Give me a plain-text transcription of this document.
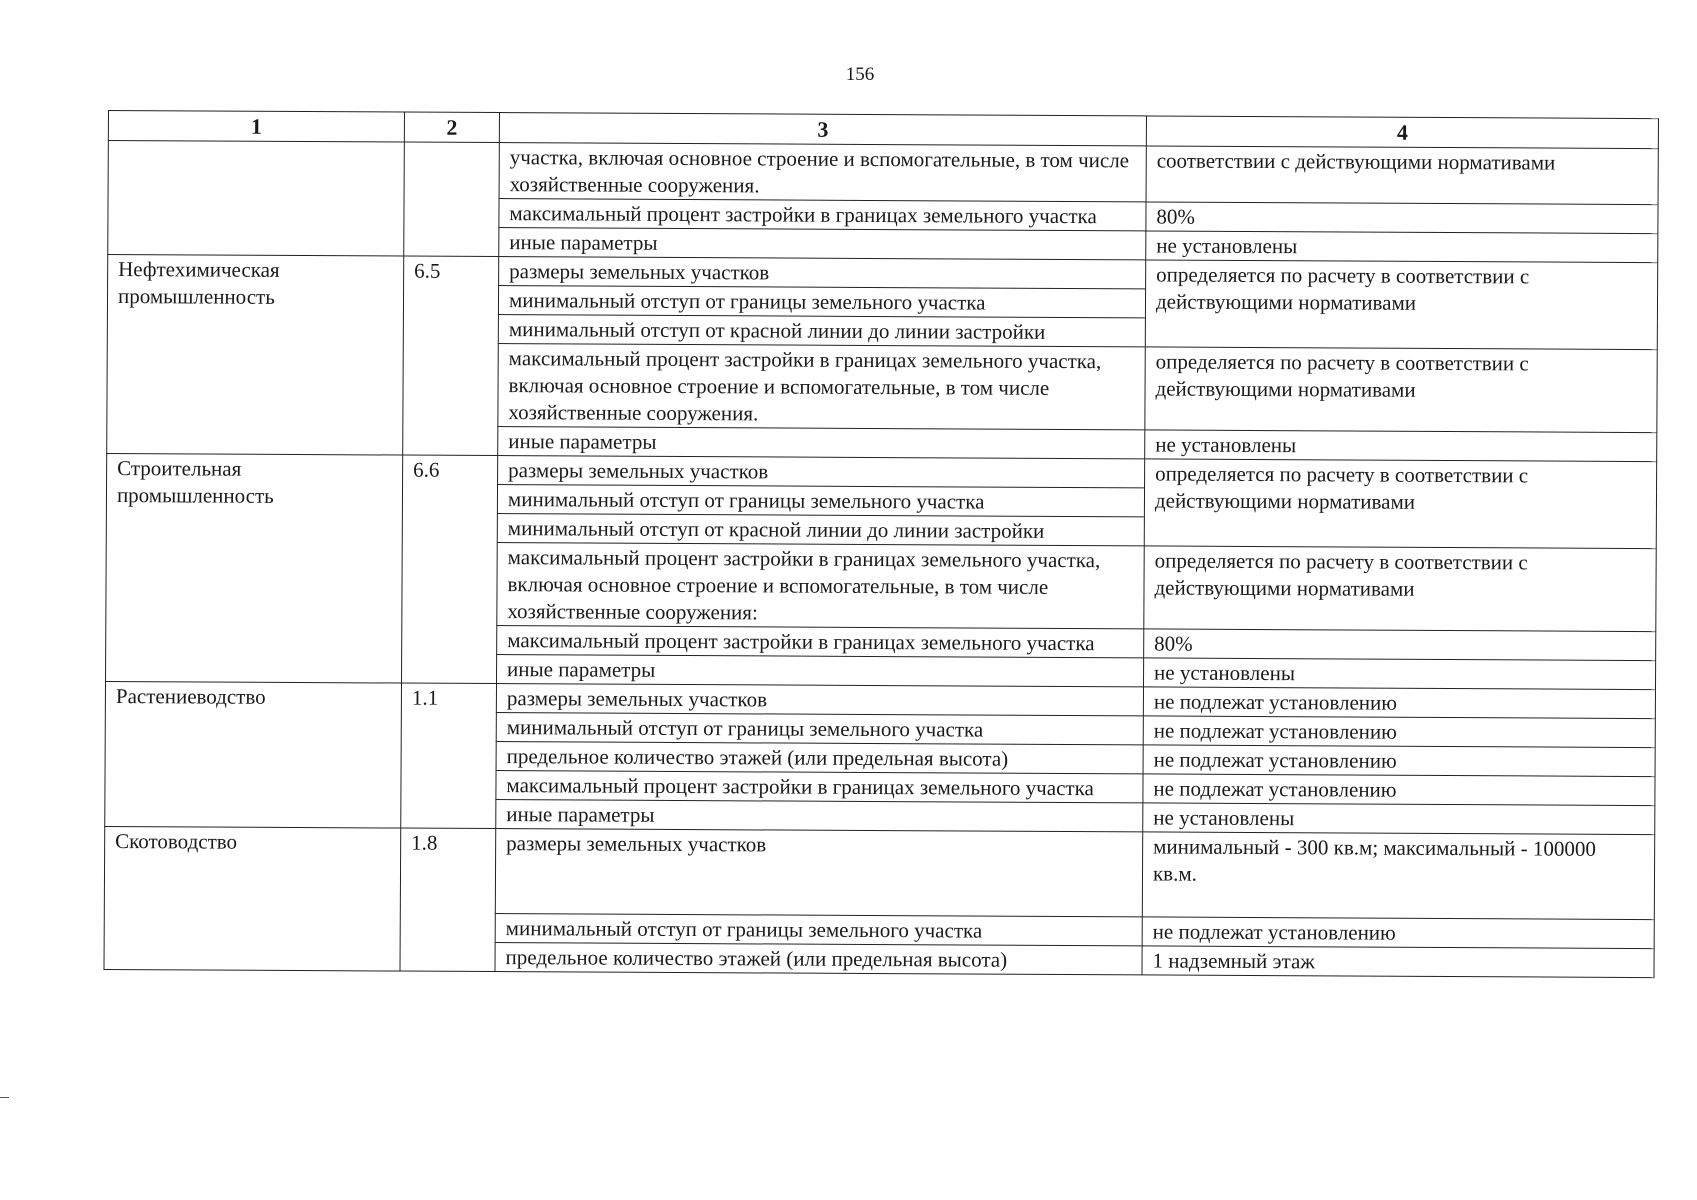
156
1	2	3	4
		участка, включая основное строение и вспомогательные, в том числе хозяйственные сооружения.	соответствии с действующими нормативами
		максимальный процент застройки в границах земельного участка	80%
		иные параметры	не установлены
Нефтехимическая промышленность	6.5	размеры земельных участков	определяется по расчету в соответствии с действующими нормативами
		минимальный отступ от границы земельного участка	
		минимальный отступ от красной линии до линии застройки	
		максимальный процент застройки в границах земельного участка, включая основное строение и вспомогательные, в том числе хозяйственные сооружения.	определяется по расчету в соответствии с действующими нормативами
		иные параметры	не установлены
Строительная промышленность	6.6	размеры земельных участков	определяется по расчету в соответствии с действующими нормативами
		минимальный отступ от границы земельного участка	
		минимальный отступ от красной линии до линии застройки	
		максимальный процент застройки в границах земельного участка, включая основное строение и вспомогательные, в том числе хозяйственные сооружения:	определяется по расчету в соответствии с действующими нормативами
		максимальный процент застройки в границах земельного участка	80%
		иные параметры	не установлены
Растениеводство	1.1	размеры земельных участков	не подлежат установлению
		минимальный отступ от границы земельного участка	не подлежат установлению
		предельное количество этажей (или предельная высота)	не подлежат установлению
		максимальный процент застройки в границах земельного участка	не подлежат установлению
		иные параметры	не установлены
Скотоводство	1.8	размеры земельных участков	минимальный - 300 кв.м; максимальный - 100000 кв.м.
		минимальный отступ от границы земельного участка	не подлежат установлению
		предельное количество этажей (или предельная высота)	1 надземный этаж
